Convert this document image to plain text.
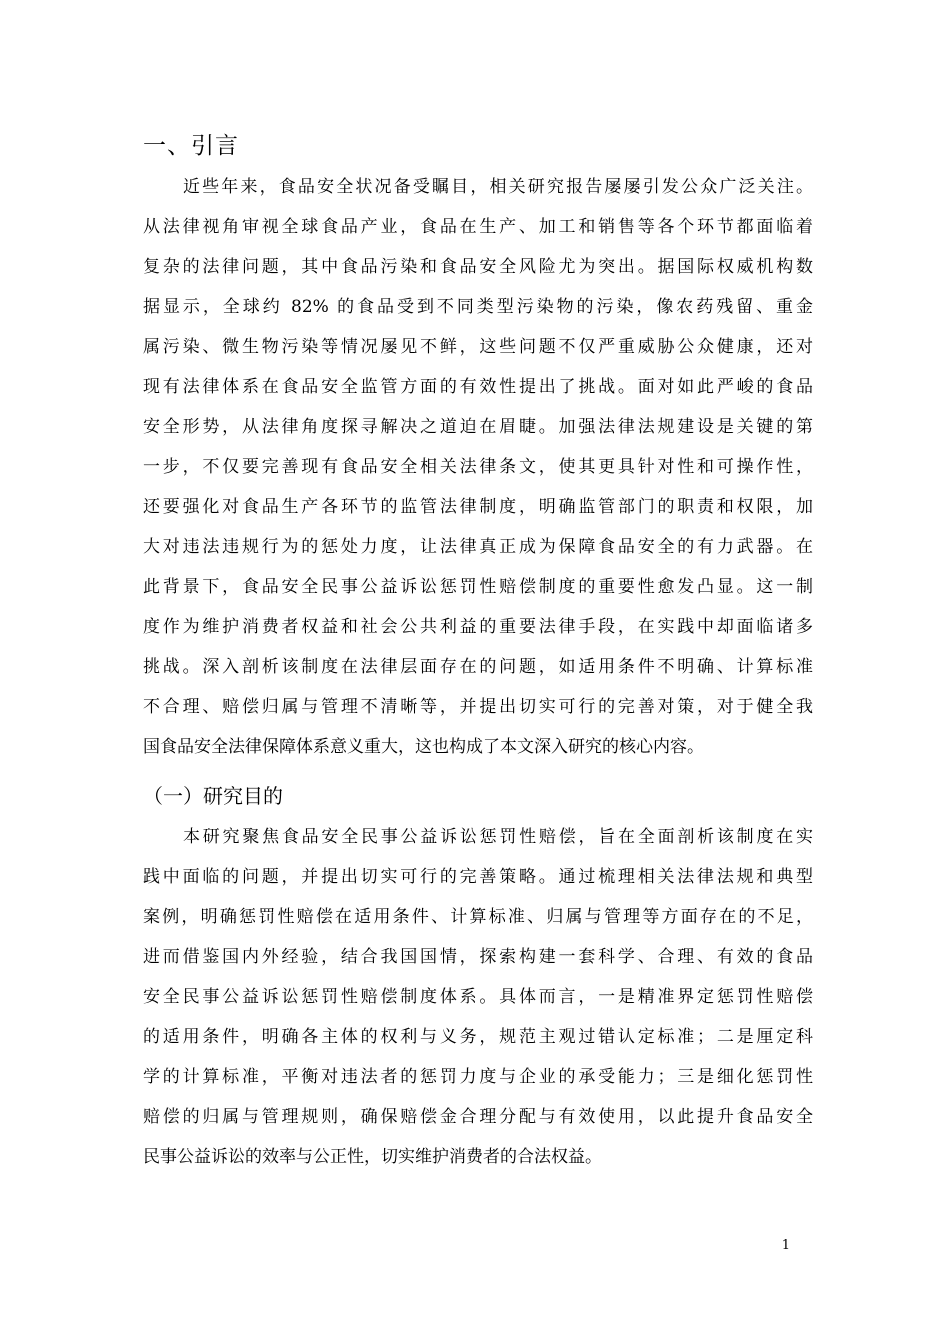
一、引言
近些年来，食品安全状况备受瞩目，相关研究报告屡屡引发公众广泛关注。
从法律视角审视全球食品产业，食品在生产、加工和销售等各个环节都面临着
复杂的法律问题，其中食品污染和食品安全风险尤为突出。据国际权威机构数
据显示，全球约 82% 的食品受到不同类型污染物的污染，像农药残留、重金
属污染、微生物污染等情况屡见不鲜，这些问题不仅严重威胁公众健康，还对
现有法律体系在食品安全监管方面的有效性提出了挑战。面对如此严峻的食品
安全形势，从法律角度探寻解决之道迫在眉睫。加强法律法规建设是关键的第
一步，不仅要完善现有食品安全相关法律条文，使其更具针对性和可操作性，
还要强化对食品生产各环节的监管法律制度，明确监管部门的职责和权限，加
大对违法违规行为的惩处力度，让法律真正成为保障食品安全的有力武器。在
此背景下，食品安全民事公益诉讼惩罚性赔偿制度的重要性愈发凸显。这一制
度作为维护消费者权益和社会公共利益的重要法律手段，在实践中却面临诸多
挑战。深入剖析该制度在法律层面存在的问题，如适用条件不明确、计算标准
不合理、赔偿归属与管理不清晰等，并提出切实可行的完善对策，对于健全我
国食品安全法律保障体系意义重大，这也构成了本文深入研究的核心内容。
（一）研究目的
本研究聚焦食品安全民事公益诉讼惩罚性赔偿，旨在全面剖析该制度在实
践中面临的问题，并提出切实可行的完善策略。通过梳理相关法律法规和典型
案例，明确惩罚性赔偿在适用条件、计算标准、归属与管理等方面存在的不足，
进而借鉴国内外经验，结合我国国情，探索构建一套科学、合理、有效的食品
安全民事公益诉讼惩罚性赔偿制度体系。具体而言，一是精准界定惩罚性赔偿
的适用条件，明确各主体的权利与义务，规范主观过错认定标准；二是厘定科
学的计算标准，平衡对违法者的惩罚力度与企业的承受能力；三是细化惩罚性
赔偿的归属与管理规则，确保赔偿金合理分配与有效使用，以此提升食品安全
民事公益诉讼的效率与公正性，切实维护消费者的合法权益。
1
